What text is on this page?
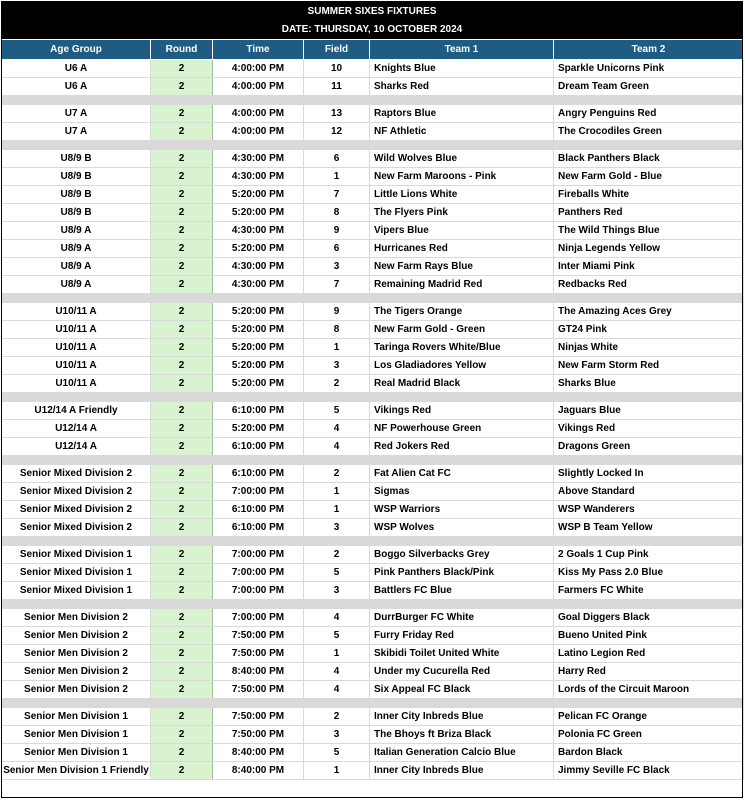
SUMMER SIXES FIXTURES
DATE: THURSDAY, 10 OCTOBER 2024
Age Group	Round	Time	Field	Team 1	Team 2
U6 A	2	4:00:00 PM	10	Knights Blue	Sparkle Unicorns Pink
U6 A	2	4:00:00 PM	11	Sharks Red	Dream Team Green

U7 A	2	4:00:00 PM	13	Raptors Blue	Angry Penguins Red
U7 A	2	4:00:00 PM	12	NF Athletic	The Crocodiles Green

U8/9 B	2	4:30:00 PM	6	Wild Wolves Blue	Black Panthers Black
U8/9 B	2	4:30:00 PM	1	New Farm Maroons - Pink	New Farm Gold - Blue
U8/9 B	2	5:20:00 PM	7	Little Lions White	Fireballs White
U8/9 B	2	5:20:00 PM	8	The Flyers Pink	Panthers Red
U8/9 A	2	4:30:00 PM	9	Vipers Blue	The Wild Things Blue
U8/9 A	2	5:20:00 PM	6	Hurricanes Red	Ninja Legends Yellow
U8/9 A	2	4:30:00 PM	3	New Farm Rays Blue	Inter Miami Pink
U8/9 A	2	4:30:00 PM	7	Remaining Madrid Red	Redbacks Red

U10/11 A	2	5:20:00 PM	9	The Tigers Orange	The Amazing Aces Grey
U10/11 A	2	5:20:00 PM	8	New Farm Gold - Green	GT24 Pink
U10/11 A	2	5:20:00 PM	1	Taringa Rovers White/Blue	Ninjas White
U10/11 A	2	5:20:00 PM	3	Los Gladiadores Yellow	New Farm Storm Red
U10/11 A	2	5:20:00 PM	2	Real Madrid Black	Sharks Blue

U12/14 A Friendly	2	6:10:00 PM	5	Vikings Red	Jaguars Blue
U12/14 A	2	5:20:00 PM	4	NF Powerhouse Green	Vikings Red
U12/14 A	2	6:10:00 PM	4	Red Jokers Red	Dragons Green

Senior Mixed Division 2	2	6:10:00 PM	2	Fat Alien Cat FC	Slightly Locked In
Senior Mixed Division 2	2	7:00:00 PM	1	Sigmas	Above Standard
Senior Mixed Division 2	2	6:10:00 PM	1	WSP Warriors	WSP Wanderers
Senior Mixed Division 2	2	6:10:00 PM	3	WSP Wolves	WSP B Team Yellow

Senior Mixed Division 1	2	7:00:00 PM	2	Boggo Silverbacks Grey	2 Goals 1 Cup Pink
Senior Mixed Division 1	2	7:00:00 PM	5	Pink Panthers Black/Pink	Kiss My Pass 2.0 Blue
Senior Mixed Division 1	2	7:00:00 PM	3	Battlers FC Blue	Farmers FC White

Senior Men Division 2	2	7:00:00 PM	4	DurrBurger FC White	Goal Diggers Black
Senior Men Division 2	2	7:50:00 PM	5	Furry Friday Red	Bueno United Pink
Senior Men Division 2	2	7:50:00 PM	1	Skibidi Toilet United White	Latino Legion Red
Senior Men Division 2	2	8:40:00 PM	4	Under my Cucurella Red	Harry Red
Senior Men Division 2	2	7:50:00 PM	4	Six Appeal FC Black	Lords of the Circuit Maroon

Senior Men Division 1	2	7:50:00 PM	2	Inner City Inbreds Blue	Pelican FC Orange
Senior Men Division 1	2	7:50:00 PM	3	The Bhoys ft Briza Black	Polonia FC Green
Senior Men Division 1	2	8:40:00 PM	5	Italian Generation Calcio Blue	Bardon Black
Senior Men Division 1 Friendly	2	8:40:00 PM	1	Inner City Inbreds Blue	Jimmy Seville FC Black
